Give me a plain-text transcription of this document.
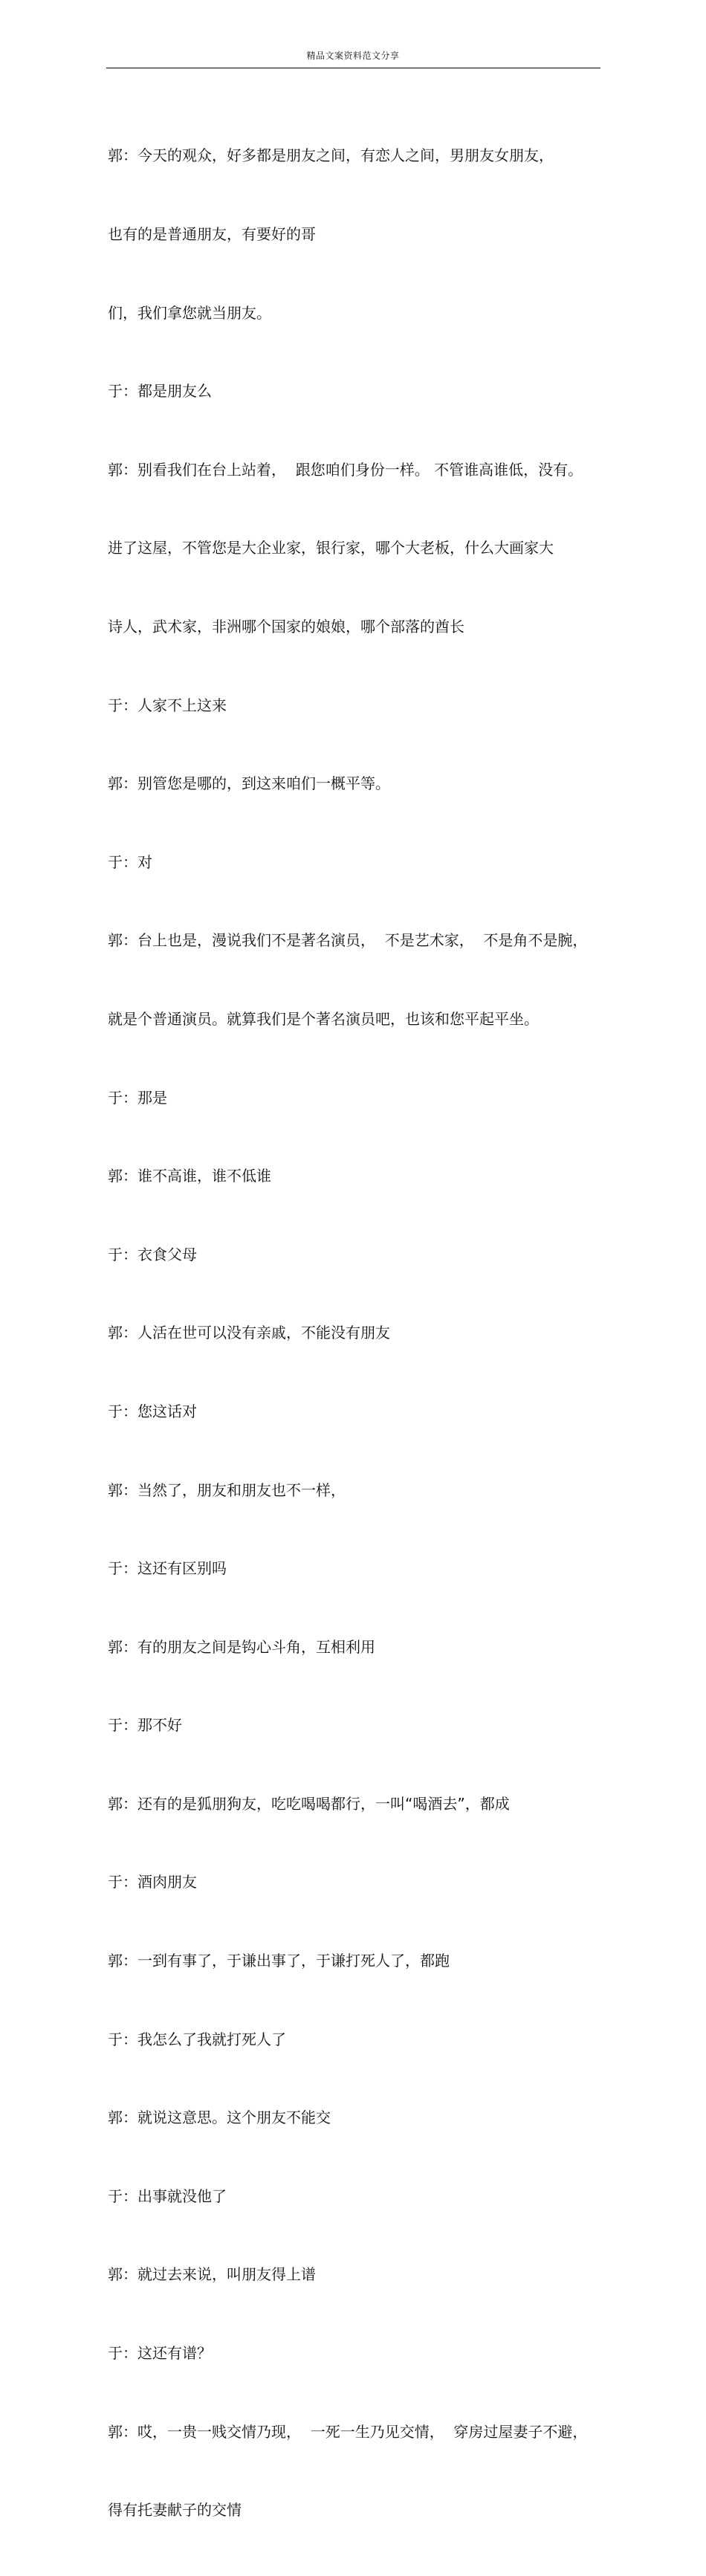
精品文案资料范文分享

郭：今天的观众，好多都是朋友之间，有恋人之间，男朋友女朋友，

也有的是普通朋友，有要好的哥

们，我们拿您就当朋友。

于：都是朋友么

郭：别看我们在台上站着，  跟您咱们身份一样。 不管谁高谁低，没有。

进了这屋，不管您是大企业家，银行家，哪个大老板，什么大画家大

诗人，武术家，非洲哪个国家的娘娘，哪个部落的酋长

于：人家不上这来

郭：别管您是哪的，到这来咱们一概平等。

于：对

郭：台上也是，漫说我们不是著名演员，  不是艺术家，  不是角不是腕，

就是个普通演员。就算我们是个著名演员吧，也该和您平起平坐。

于：那是

郭：谁不高谁，谁不低谁

于：衣食父母

郭：人活在世可以没有亲戚，不能没有朋友

于：您这话对

郭：当然了，朋友和朋友也不一样，

于：这还有区别吗

郭：有的朋友之间是钩心斗角，互相利用

于：那不好

郭：还有的是狐朋狗友，吃吃喝喝都行，一叫“喝酒去”，都成

于：酒肉朋友

郭：一到有事了，于谦出事了，于谦打死人了，都跑

于：我怎么了我就打死人了

郭：就说这意思。这个朋友不能交

于：出事就没他了

郭：就过去来说，叫朋友得上谱

于：这还有谱？

郭：哎，一贵一贱交情乃现，  一死一生乃见交情，  穿房过屋妻子不避，

得有托妻献子的交情
